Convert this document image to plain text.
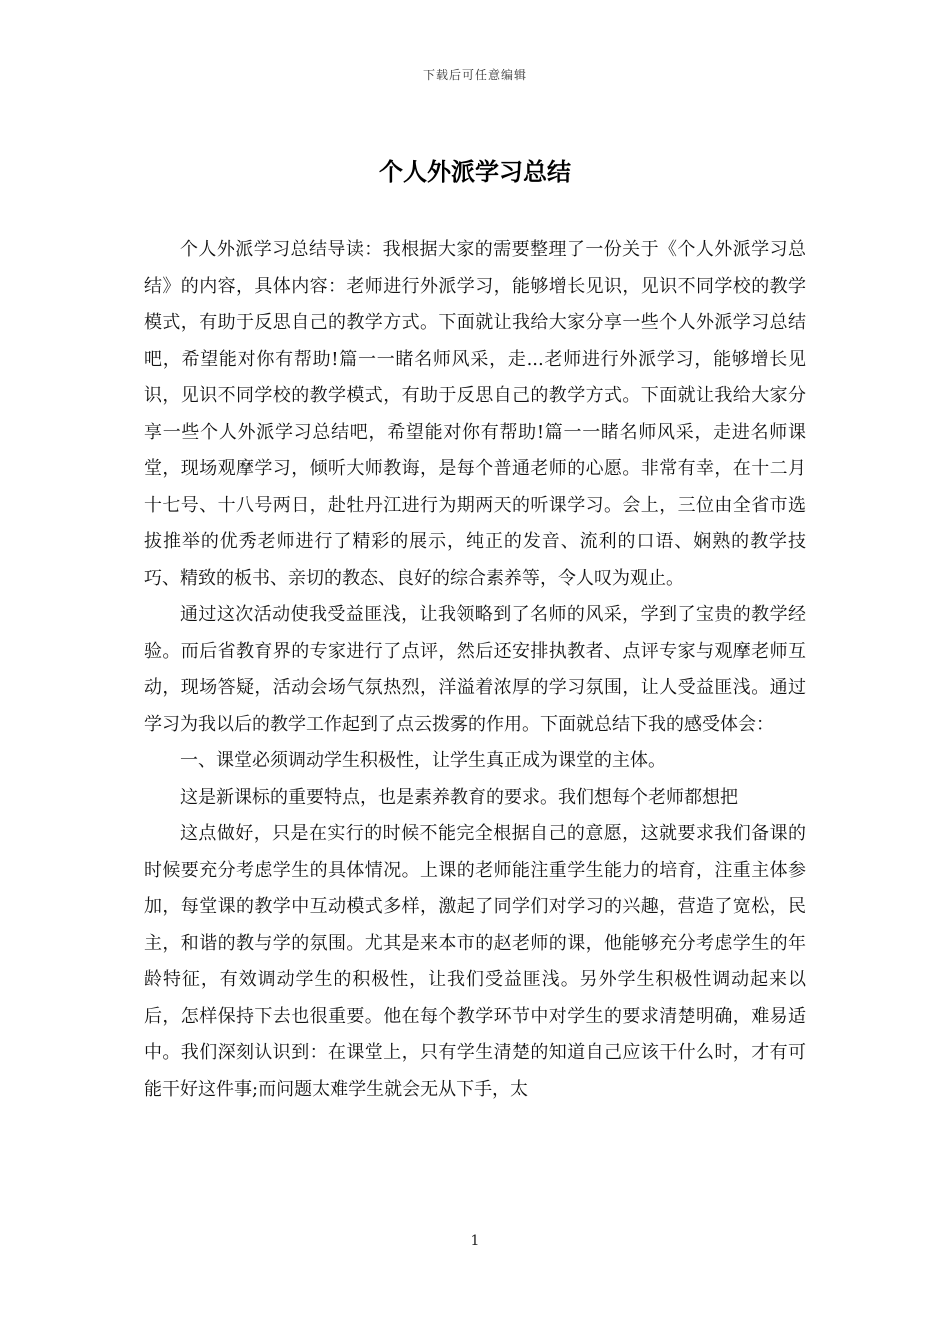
下载后可任意编辑
个人外派学习总结

个人外派学习总结导读：我根据大家的需要整理了一份关于《个人外派学习总结》的内容，具体内容：老师进行外派学习，能够增长见识，见识不同学校的教学模式，有助于反思自己的教学方式。下面就让我给大家分享一些个人外派学习总结吧，希望能对你有帮助!篇一一睹名师风采，走...老师进行外派学习，能够增长见识，见识不同学校的教学模式，有助于反思自己的教学方式。下面就让我给大家分享一些个人外派学习总结吧，希望能对你有帮助!篇一一睹名师风采，走进名师课堂，现场观摩学习，倾听大师教诲，是每个普通老师的心愿。非常有幸，在十二月十七号、十八号两日，赴牡丹江进行为期两天的听课学习。会上，三位由全省市选拔推举的优秀老师进行了精彩的展示，纯正的发音、流利的口语、娴熟的教学技巧、精致的板书、亲切的教态、良好的综合素养等，令人叹为观止。

通过这次活动使我受益匪浅，让我领略到了名师的风采，学到了宝贵的教学经验。而后省教育界的专家进行了点评，然后还安排执教者、点评专家与观摩老师互动，现场答疑，活动会场气氛热烈，洋溢着浓厚的学习氛围，让人受益匪浅。通过学习为我以后的教学工作起到了点云拨雾的作用。下面就总结下我的感受体会：

一、课堂必须调动学生积极性，让学生真正成为课堂的主体。

这是新课标的重要特点，也是素养教育的要求。我们想每个老师都想把

这点做好，只是在实行的时候不能完全根据自己的意愿，这就要求我们备课的时候要充分考虑学生的具体情况。上课的老师能注重学生能力的培育，注重主体参加，每堂课的教学中互动模式多样，激起了同学们对学习的兴趣，营造了宽松，民主，和谐的教与学的氛围。尤其是来本市的赵老师的课，他能够充分考虑学生的年龄特征，有效调动学生的积极性，让我们受益匪浅。另外学生积极性调动起来以后，怎样保持下去也很重要。他在每个教学环节中对学生的要求清楚明确，难易适中。我们深刻认识到：在课堂上，只有学生清楚的知道自己应该干什么时，才有可能干好这件事;而问题太难学生就会无从下手，太

1
